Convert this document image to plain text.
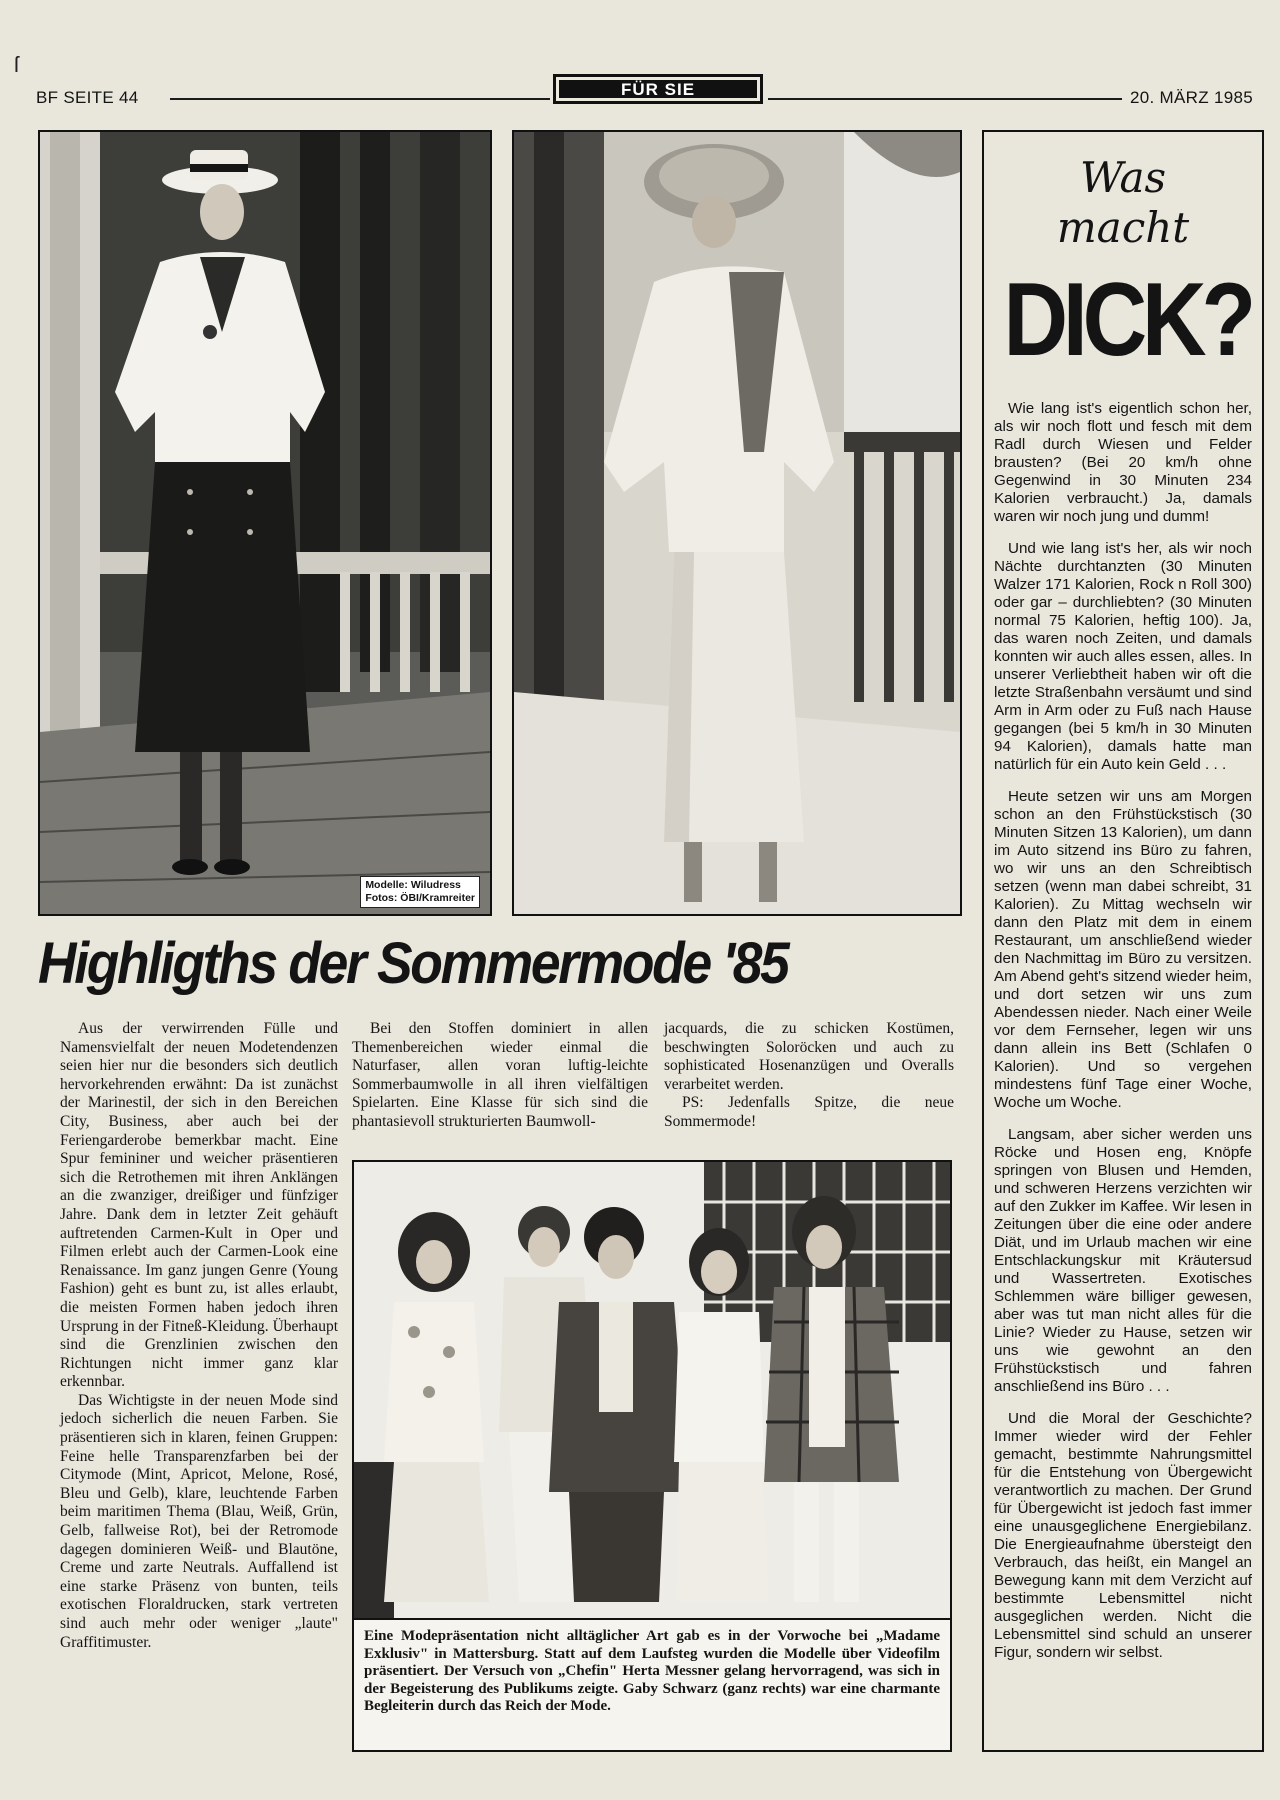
ſ
BF SEITE 44	FÜR SIE	20. MÄRZ 1985
Modelle: Wiludress
Fotos: ÖBI/Kramreiter
Was
macht
DICK?

Wie lang ist's eigentlich schon her, als wir noch flott und fesch mit dem Radl durch Wiesen und Felder brausten? (Bei 20 km/h ohne Gegenwind in 30 Minuten 234 Kalorien verbraucht.) Ja, damals waren wir noch jung und dumm!

Und wie lang ist's her, als wir noch Nächte durchtanzten (30 Minuten Walzer 171 Kalorien, Rock n Roll 300) oder gar – durchliebten? (30 Minuten normal 75 Kalorien, heftig 100). Ja, das waren noch Zeiten, und damals konnten wir auch alles essen, alles. In unserer Verliebtheit haben wir oft die letzte Straßenbahn versäumt und sind Arm in Arm oder zu Fuß nach Hause gegangen (bei 5 km/h in 30 Minuten 94 Kalorien), damals hatte man natürlich für ein Auto kein Geld . . .

Heute setzen wir uns am Morgen schon an den Frühstückstisch (30 Minuten Sitzen 13 Kalorien), um dann im Auto sitzend ins Büro zu fahren, wo wir uns an den Schreibtisch setzen (wenn man dabei schreibt, 31 Kalorien). Zu Mittag wechseln wir dann den Platz mit dem in einem Restaurant, um anschließend wieder den Nachmittag im Büro zu versitzen. Am Abend geht's sitzend wieder heim, und dort setzen wir uns zum Abendessen nieder. Nach einer Weile vor dem Fernseher, legen wir uns dann allein ins Bett (Schlafen 0 Kalorien). Und so vergehen mindestens fünf Tage einer Woche, Woche um Woche.

Langsam, aber sicher werden uns Röcke und Hosen eng, Knöpfe springen von Blusen und Hemden, und schweren Herzens verzichten wir auf den Zukker im Kaffee. Wir lesen in Zeitungen über die eine oder andere Diät, und im Urlaub machen wir eine Entschlackungskur mit Kräutersud und Wassertreten. Exotisches Schlemmen wäre billiger gewesen, aber was tut man nicht alles für die Linie? Wieder zu Hause, setzen wir uns wie gewohnt an den Frühstückstisch und fahren anschließend ins Büro . . .

Und die Moral der Geschichte? Immer wieder wird der Fehler gemacht, bestimmte Nahrungsmittel für die Entstehung von Übergewicht verantwortlich zu machen. Der Grund für Übergewicht ist jedoch fast immer eine unausgeglichene Energiebilanz. Die Energieaufnahme übersteigt den Verbrauch, das heißt, ein Mangel an Bewegung kann mit dem Verzicht auf bestimmte Lebensmittel nicht ausgeglichen werden. Nicht die Lebensmittel sind schuld an unserer Figur, sondern wir selbst.

Highligths der Sommermode '85

Aus der verwirrenden Fülle und Namensvielfalt der neuen Modetendenzen seien hier nur die besonders sich deutlich hervorkehrenden erwähnt: Da ist zunächst der Marinestil, der sich in den Bereichen City, Business, aber auch bei der Feriengarderobe bemerkbar macht. Eine Spur femininer und weicher präsentieren sich die Retrothemen mit ihren Anklängen an die zwanziger, dreißiger und fünfziger Jahre. Dank dem in letzter Zeit gehäuft auftretenden Carmen-Kult in Oper und Filmen erlebt auch der Carmen-Look eine Renaissance. Im ganz jungen Genre (Young Fashion) geht es bunt zu, ist alles erlaubt, die meisten Formen haben jedoch ihren Ursprung in der Fitneß-Kleidung. Überhaupt sind die Grenzlinien zwischen den Richtungen nicht immer ganz klar erkennbar.

Das Wichtigste in der neuen Mode sind jedoch sicherlich die neuen Farben. Sie präsentieren sich in klaren, feinen Gruppen: Feine helle Transparenzfarben bei der Citymode (Mint, Apricot, Melone, Rosé, Bleu und Gelb), klare, leuchtende Farben beim maritimen Thema (Blau, Weiß, Grün, Gelb, fallweise Rot), bei der Retromode dagegen dominieren Weiß- und Blautöne, Creme und zarte Neutrals. Auffallend ist eine starke Präsenz von bunten, teils exotischen Floraldrucken, stark vertreten sind auch mehr oder weniger „laute" Graffitimuster.

Bei den Stoffen dominiert in allen Themenbereichen wieder einmal die Naturfaser, allen voran luftig-leichte Sommerbaumwolle in all ihren vielfältigen Spielarten. Eine Klasse für sich sind die phantasievoll strukturierten Baumwoll-

jacquards, die zu schicken Kostümen, beschwingten Soloröcken und auch zu sophisticated Hosenanzügen und Overalls verarbeitet werden.

PS: Jedenfalls Spitze, die neue Sommermode!

Eine Modepräsentation nicht alltäglicher Art gab es in der Vorwoche bei „Madame Exklusiv" in Mattersburg. Statt auf dem Laufsteg wurden die Modelle über Videofilm präsentiert. Der Versuch von „Chefin" Herta Messner gelang hervorragend, was sich in der Begeisterung des Publikums zeigte. Gaby Schwarz (ganz rechts) war eine charmante Begleiterin durch das Reich der Mode.
